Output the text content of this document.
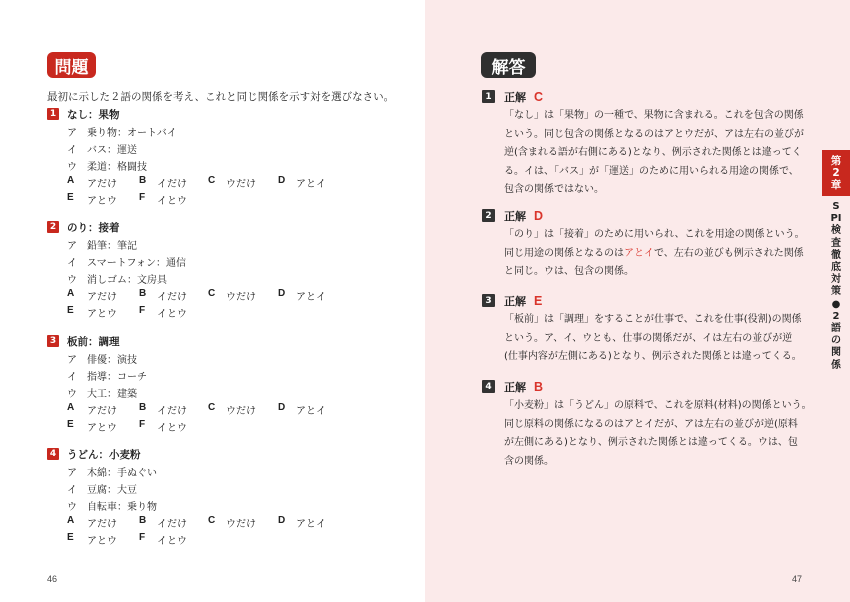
問題
最初に示した２語の関係を考え、これと同じ関係を示す対を選びなさい。
1 なし：果物
ア　乗り物：オートバイ
イ　バス：運送
ウ　柔道：格闘技
A アだけ B イだけ C ウだけ D アとイ
E アとウ F イとウ
2 のり：接着
ア　鉛筆：筆記
イ　スマートフォン：通信
ウ　消しゴム：文房具
A アだけ B イだけ C ウだけ D アとイ
E アとウ F イとウ
3 板前：調理
ア　俳優：演技
イ　指導：コーチ
ウ　大工：建築
A アだけ B イだけ C ウだけ D アとイ
E アとウ F イとウ
4 うどん：小麦粉
ア　木綿：手ぬぐい
イ　豆腐：大豆
ウ　自転車：乗り物
A アだけ B イだけ C ウだけ D アとイ
E アとウ F イとウ
46
解答
1	正解 C
「なし」は「果物」の一種で、果物に含まれる。これを包含の関係
という。同じ包含の関係となるのはアとウだが、アは左右の並びが
逆(含まれる語が右側にある)となり、例示された関係とは違ってく
る。イは、「バス」が「運送」のために用いられる用途の関係で、
包含の関係ではない。
2	正解 D
「のり」は「接着」のために用いられ、これを用途の関係という。
同じ用途の関係となるのはアとイで、左右の並びも例示された関係
と同じ。ウは、包含の関係。
3	正解 E
「板前」は「調理」をすることが仕事で、これを仕事(役割)の関係
という。ア、イ、ウとも、仕事の関係だが、イは左右の並びが逆
(仕事内容が左側にある)となり、例示された関係とは違ってくる。
4	正解 B
「小麦粉」は「うどん」の原料で、これを原料(材料)の関係という。
同じ原料の関係になるのはアとイだが、アは左右の並びが逆(原料
が左側にある)となり、例示された関係とは違ってくる。ウは、包
含の関係。
47
第
2
章
SPI検査徹底対策●2語の関係
